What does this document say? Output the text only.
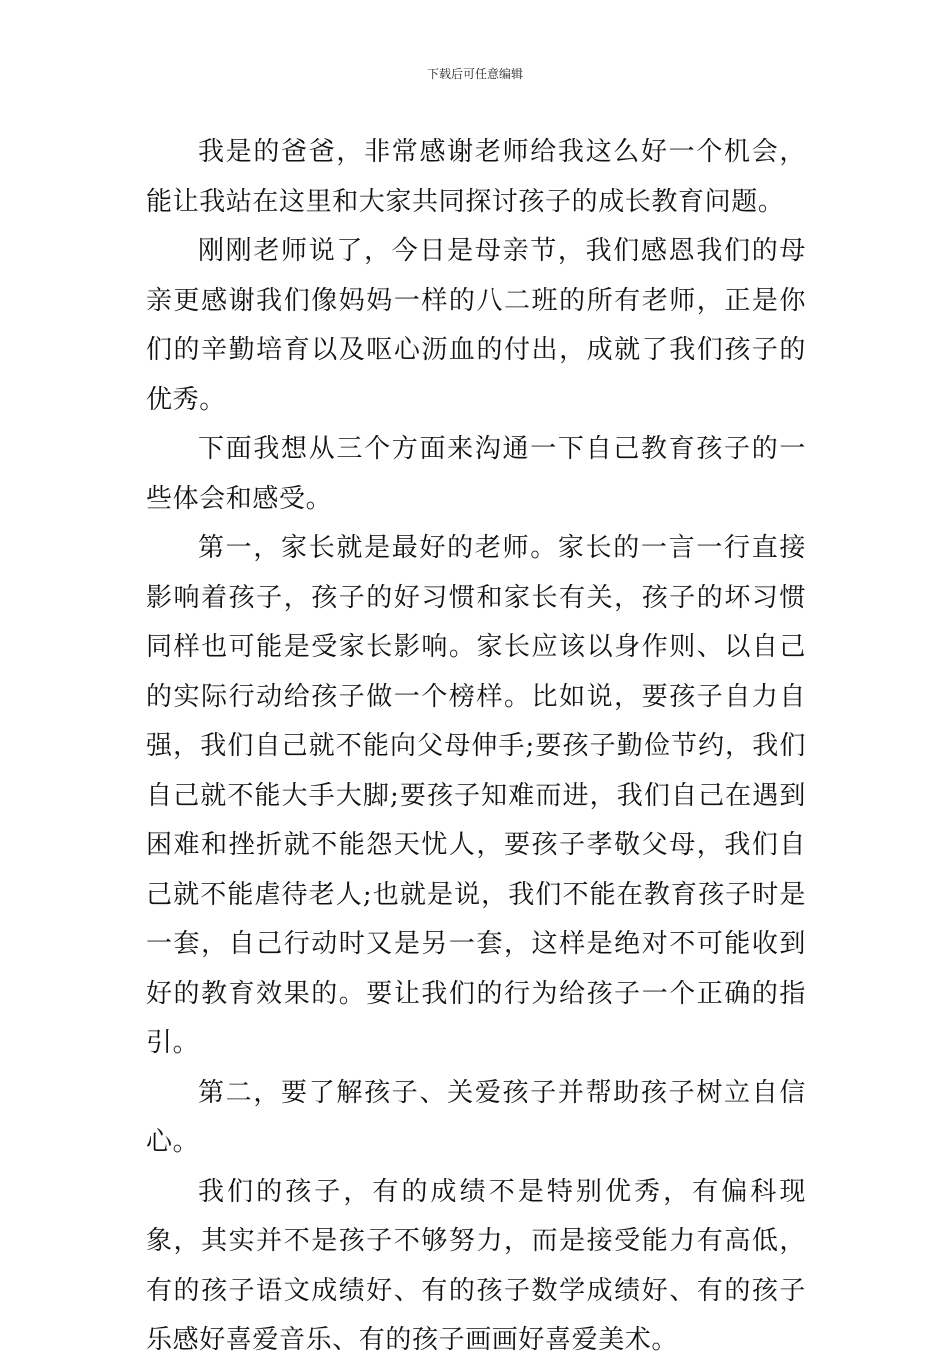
下载后可任意编辑

我是的爸爸，非常感谢老师给我这么好一个机会，能让我站在这里和大家共同探讨孩子的成长教育问题。

刚刚老师说了，今日是母亲节，我们感恩我们的母亲更感谢我们像妈妈一样的八二班的所有老师，正是你们的辛勤培育以及呕心沥血的付出，成就了我们孩子的优秀。

下面我想从三个方面来沟通一下自己教育孩子的一些体会和感受。

第一，家长就是最好的老师。家长的一言一行直接影响着孩子，孩子的好习惯和家长有关，孩子的坏习惯同样也可能是受家长影响。家长应该以身作则、以自己的实际行动给孩子做一个榜样。比如说，要孩子自力自强，我们自己就不能向父母伸手;要孩子勤俭节约，我们自己就不能大手大脚;要孩子知难而进，我们自己在遇到困难和挫折就不能怨天忧人，要孩子孝敬父母，我们自己就不能虐待老人;也就是说，我们不能在教育孩子时是一套，自己行动时又是另一套，这样是绝对不可能收到好的教育效果的。要让我们的行为给孩子一个正确的指引。

第二，要了解孩子、关爱孩子并帮助孩子树立自信心。

我们的孩子，有的成绩不是特别优秀，有偏科现象，其实并不是孩子不够努力，而是接受能力有高低，有的孩子语文成绩好、有的孩子数学成绩好、有的孩子乐感好喜爱音乐、有的孩子画画好喜爱美术。
